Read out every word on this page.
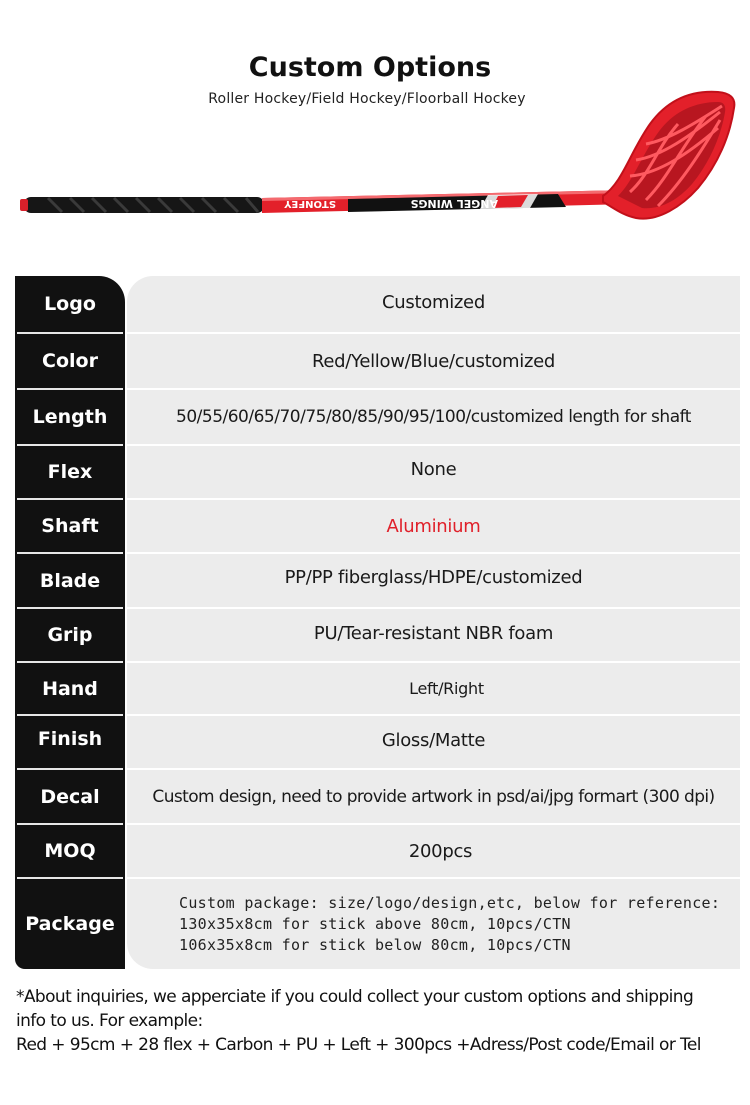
Custom Options
Roller Hockey/Field Hockey/Floorball Hockey
STONFEY	ANGEL WINGS
Logo	Customized
Color	Red/Yellow/Blue/customized
Length	50/55/60/65/70/75/80/85/90/95/100/customized length for shaft
Flex	None
Shaft	Aluminium
Blade	PP/PP fiberglass/HDPE/customized
Grip	PU/Tear-resistant NBR foam
Hand	Left/Right
Finish	Gloss/Matte
Decal	Custom design, need to provide artwork in psd/ai/jpg formart (300 dpi)
MOQ	200pcs
Package
Custom package: size/logo/design,etc, below for reference:
130x35x8cm for stick above 80cm, 10pcs/CTN
106x35x8cm for stick below 80cm, 10pcs/CTN
*About inquiries, we apperciate if you could collect your custom options and shipping
info to us. For example:
Red + 95cm + 28 flex + Carbon + PU + Left + 300pcs +Adress/Post code/Email or Tel
